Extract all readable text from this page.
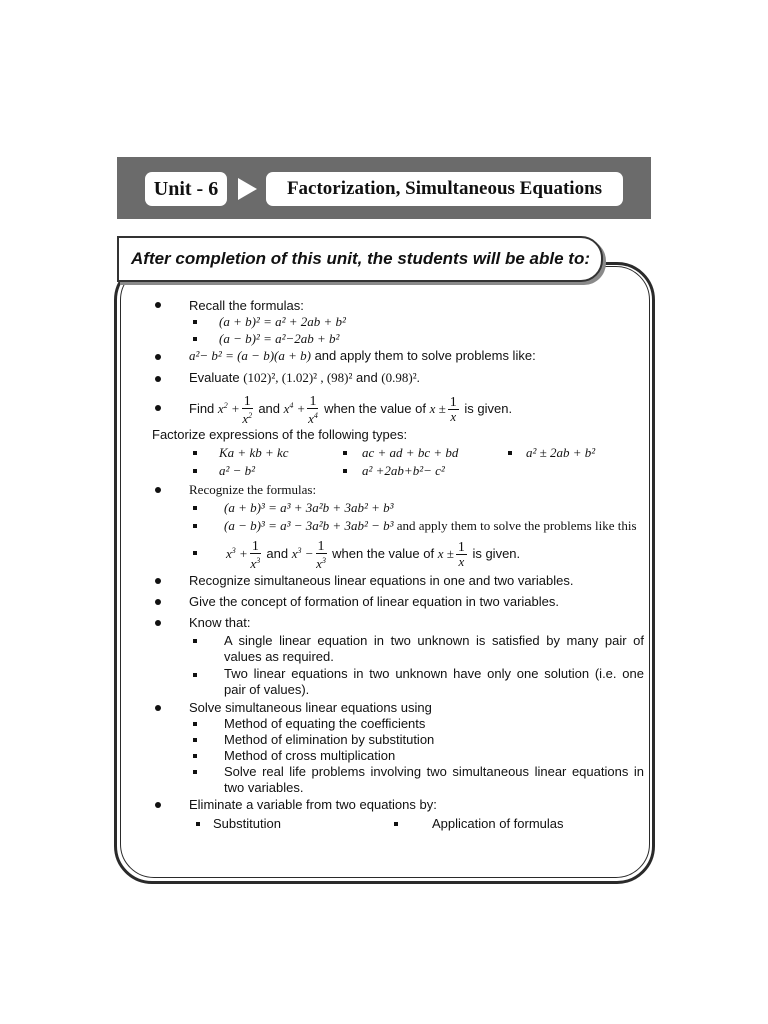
Unit - 6	Factorization, Simultaneous Equations
After completion of this unit, the students will be able to:
Recall the formulas:
(a + b)² = a² + 2ab + b²
(a − b)² = a²−2ab + b²
a²− b² = (a − b)(a + b) and apply them to solve problems like:
Evaluate (102)², (1.02)² , (98)² and (0.98)².
Find $x^2 + \frac{1}{x^2}$ and $x^4 + \frac{1}{x^4}$ when the value of $x \pm \frac{1}{x}$ is given.
Factorize expressions of the following types:
Ka + kb + kc	ac + ad + bc + bd	a² ± 2ab + b²
a² − b²	a² +2ab+b²− c²
Recognize the formulas:
(a + b)³ = a³ + 3a²b + 3ab² + b³
(a − b)³ = a³ − 3a²b + 3ab² − b³ and apply them to solve the problems like this
$x^3 + \frac{1}{x^3}$ and $x^3 - \frac{1}{x^3}$ when the value of $x \pm \frac{1}{x}$ is given.
Recognize simultaneous linear equations in one and two variables.
Give the concept of formation of linear equation in two variables.
Know that:
A single linear equation in two unknown is satisfied by many pair of values as required.
Two linear equations in two unknown have only one solution (i.e. one pair of values).
Solve simultaneous linear equations using
Method of equating the coefficients
Method of elimination by substitution
Method of cross multiplication
Solve real life problems involving two simultaneous linear equations in two variables.
Eliminate a variable from two equations by:
Substitution	Application of formulas
